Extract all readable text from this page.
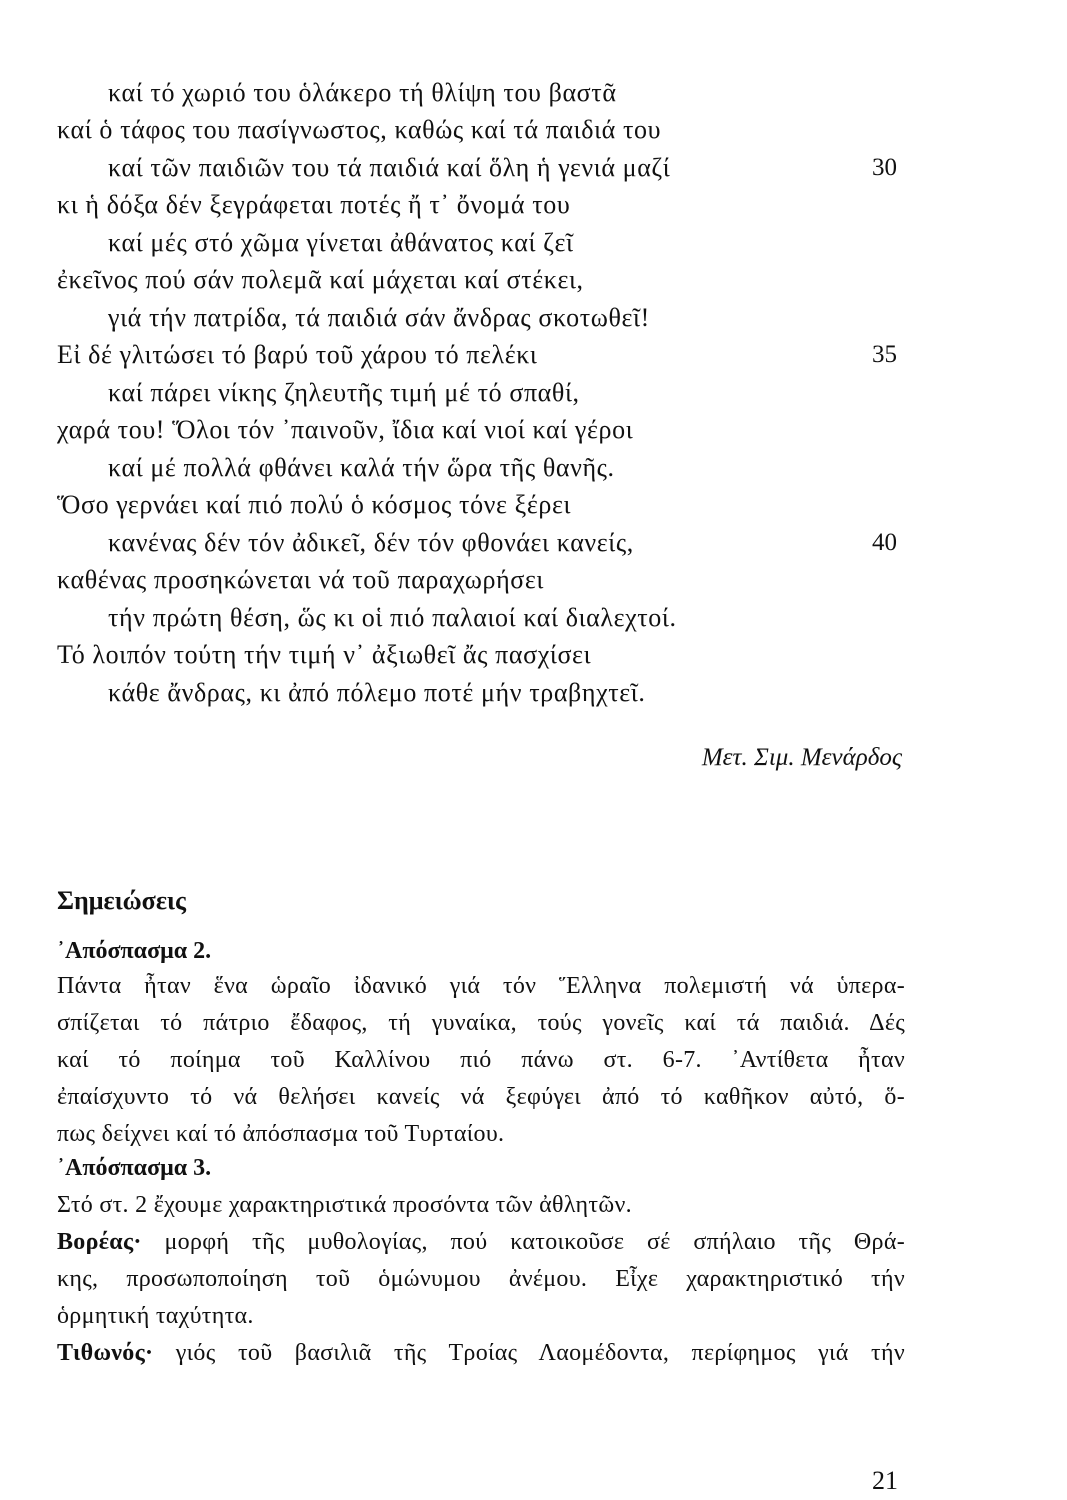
καί τό χωριό του ὁλάκερο τή θλίψη του βαστᾶ
καί ὁ τάφος του πασίγνωστος, καθώς καί τά παιδιά του
καί τῶν παιδιῶν του τά παιδιά καί ὅλη ἡ γενιά μαζί
κι ἡ δόξα δέν ξεγράφεται ποτές ἤ τ᾽ ὄνομά του
καί μές στό χῶμα γίνεται ἀθάνατος καί ζεῖ
ἐκεῖνος πού σάν πολεμᾶ καί μάχεται καί στέκει,
γιά τήν πατρίδα, τά παιδιά σάν ἄνδρας σκοτωθεῖ!
Εἰ δέ γλιτώσει τό βαρύ τοῦ χάρου τό πελέκι
καί πάρει νίκης ζηλευτῆς τιμή μέ τό σπαθί,
χαρά του! Ὅλοι τόν ᾽παινοῦν, ἴδια καί νιοί καί γέροι
καί μέ πολλά φθάνει καλά τήν ὥρα τῆς θανῆς.
Ὅσο γερνάει καί πιό πολύ ὁ κόσμος τόνε ξέρει
κανένας δέν τόν ἀδικεῖ, δέν τόν φθονάει κανείς,
καθένας προσηκώνεται νά τοῦ παραχωρήσει
τήν πρώτη θέση, ὥς κι οἱ πιό παλαιοί καί διαλεχτοί.
Τό λοιπόν τούτη τήν τιμή ν᾽ ἀξιωθεῖ ἄς πασχίσει
κάθε ἄνδρας, κι ἀπό πόλεμο ποτέ μήν τραβηχτεῖ.
30
35
40
Μετ. Σιμ. Μενάρδος
Σημειώσεις
᾽Απόσπασμα 2.
Πάντα ἦταν ἕνα ὡραῖο ἰδανικό γιά τόν Ἕλληνα πολεμιστή νά ὑπερα-
σπίζεται τό πάτριο ἔδαφος, τή γυναίκα, τούς γονεῖς καί τά παιδιά. Δές
καί τό ποίημα τοῦ Καλλίνου πιό πάνω στ. 6-7. ᾽Αντίθετα ἦταν
ἐπαίσχυντο τό νά θελήσει κανείς νά ξεφύγει ἀπό τό καθῆκον αὐτό, ὅ-
πως δείχνει καί τό ἀπόσπασμα τοῦ Τυρταίου.
᾽Απόσπασμα 3.
Στό στ. 2 ἔχουμε χαρακτηριστικά προσόντα τῶν ἀθλητῶν.
Βορέας· μορφή τῆς μυθολογίας, πού κατοικοῦσε σέ σπήλαιο τῆς Θρά-
κης, προσωποποίηση τοῦ ὁμώνυμου ἀνέμου. Εἶχε χαρακτηριστικό τήν
ὁρμητική ταχύτητα.
Τιθωνός· γιός τοῦ βασιλιᾶ τῆς Τροίας Λαομέδοντα, περίφημος γιά τήν
21
